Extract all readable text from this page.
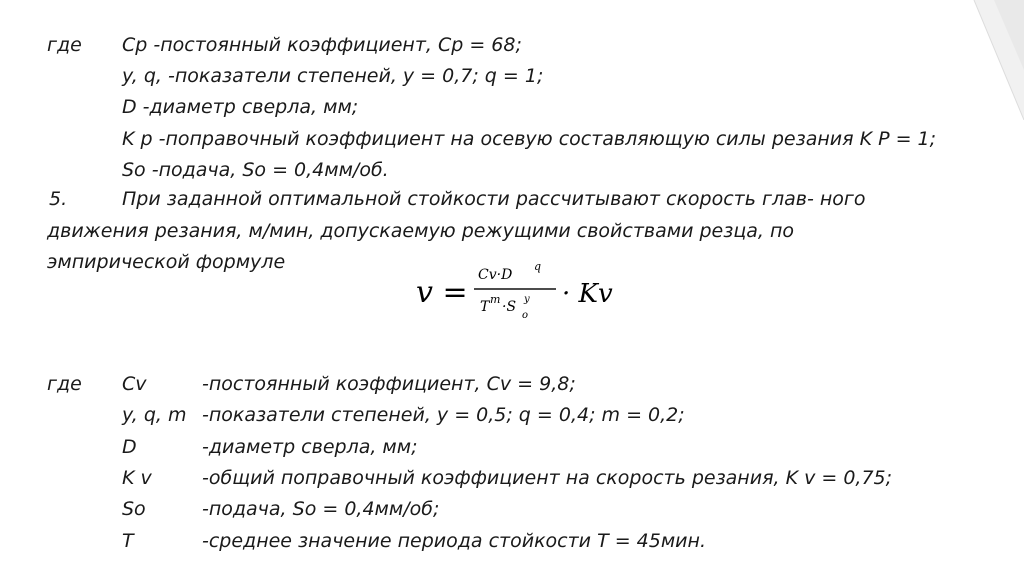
где Cp -постоянный коэффициент, Cp = 68;
y, q, -показатели степеней, y = 0,7; q = 1;
D -диаметр сверла, мм;
K p -поправочный коэффициент на осевую составляющую силы резания K P = 1;
So -подача, So = 0,4мм/об.
5.	При заданной оптимальной стойкости рассчитывают скорость глав- ного
движения резания, м/мин, допускаемую режущими свойствами резца, по
эмпирической формуле
v = Cv·D
q
T m ·S
o
y · Kv
где Cv	-постоянный коэффициент, Cv = 9,8;
y, q, m -показатели степеней, y = 0,5; q = 0,4; m = 0,2;
D	-диаметр сверла, мм;
K v	-общий поправочный коэффициент на скорость резания, K v = 0,75;
So	-подача, So = 0,4мм/об;
T	-среднее значение периода стойкости T = 45мин.
